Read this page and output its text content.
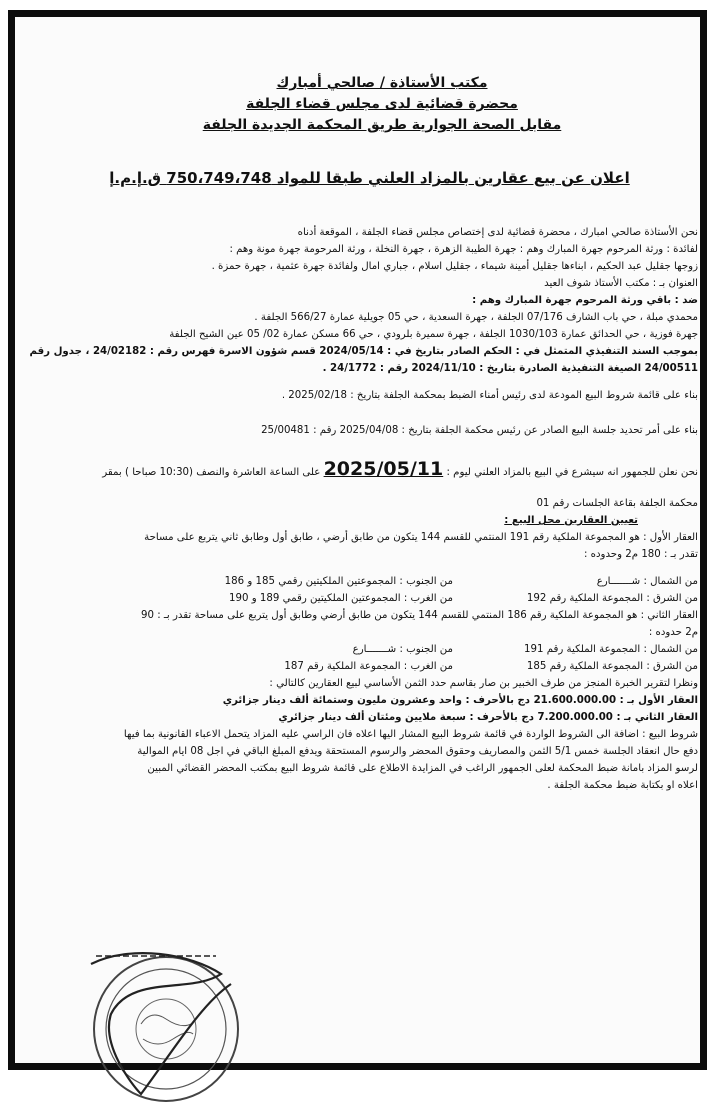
مكتب الأستاذة / صالحي أمبارك
محضرة قضائية لدى مجلس قضاء الجلفة
مقابل الصحة الجوارية طريق المحكمة الجديدة الجلفة
اعلان عن بيع عقارين بالمزاد العلني طبقا للمواد 750،749،748 ق.إ.م.إ

نحن الأستاذة صالحي امبارك ، محضرة قضائية لدى إختصاص مجلس قضاء الجلفة ، الموقعة أدناه

لفائدة : ورثة المرحوم جهرة المبارك وهم : جهرة الطيبة الزهرة ، جهرة النخلة ، ورثة المرحومة جهرة مونة وهم :

زوجها جقليل عبد الحكيم ، ابناءها جقليل أمينة شيماء ، جقليل اسلام ، جباري امال ولفائدة جهرة عثمية ، جهرة حمزة .

العنوان بـ : مكتب الأستاذ شوف العيد

ضد : باقي ورثة المرحوم جهرة المبارك وهم :

محمدي مبلة ، حي باب الشارف 07/176 الجلفة ، جهرة السعدية ، حي 05 جويلية عمارة 566/27 الجلفة .

جهرة فوزية ، حي الحدائق عمارة 1030/103 الجلفة ، جهرة سميرة بلرودي ، حي 66 مسكن عمارة 02/ 05 عين الشيح الجلفة

بموجب السند التنفيذي المتمثل في : الحكم الصادر بتاريخ في : 2024/05/14 قسم شؤون الاسرة فهرس رقم : 24/02182 ، جدول رقم

24/00511 الصيغة التنفيذية الصادرة بتاريخ : 2024/11/10 رقم : 24/1772 .

بناء على قائمة شروط البيع المودعة لدى رئيس أمناء الضبط بمحكمة الجلفة بتاريخ : 2025/02/18 .

بناء على أمر تحديد جلسة البيع الصادر عن رئيس محكمة الجلفة بتاريخ : 2025/04/08 رقم : 25/00481

نحن نعلن للجمهور انه سيشرع في البيع بالمزاد العلني ليوم : 2025/05/11 على الساعة العاشرة والنصف (10:30 صباحا ) بمقر

محكمة الجلفة بقاعة الجلسات رقم 01

تعيين العقارين محل البيع :

العقار الأول : هو المجموعة الملكية رقم 191 المنتمي للقسم 144 يتكون من طابق أرضي ، طابق أول وطابق ثاني يتربع على مساحة

تقدر بـ : 180 م2 وحدوده :

من الشمال : شـــــــارع
من الجنوب : المجموعتين الملكيتين رقمي 185 و 186

من الشرق : المجموعة الملكية رقم 192
من الغرب : المجموعتين الملكيتين رقمي 189 و 190

العقار الثاني : هو المجموعة الملكية رقم 186 المنتمي للقسم 144 يتكون من طابق أرضي وطابق أول يتربع على مساحة تقدر بـ : 90

م2 حدوده :

من الشمال : المجموعة الملكية رقم 191
من الجنوب : شـــــــارع

من الشرق : المجموعة الملكية رقم 185
من الغرب : المجموعة الملكية رقم 187

ونظرا لتقرير الخبرة المنجز من طرف الخبير بن صار بقاسم حدد الثمن الأساسي لبيع العقارين كالتالي :

العقار الأول بـ : 21.600.000.00 دج بالأحرف : واحد وعشرون مليون وستمائة ألف دينار جزائري

العقار الثاني بـ : 7.200.000.00 دج بالأحرف : سبعة ملايين ومئتان ألف دينار جزائري

شروط البيع : اضافة الى الشروط الواردة في قائمة شروط البيع المشار اليها اعلاه فان الراسي عليه المزاد يتحمل الاعباء القانونية بما فيها

دفع حال انعقاد الجلسة خمس 5/1 الثمن والمصاريف وحقوق المحضر والرسوم المستحقة ويدفع المبلغ الباقي في اجل 08 ايام الموالية

لرسو المزاد بامانة ضبط المحكمة لعلى الجمهور الراغب في المزايدة الاطلاع على قائمة شروط البيع بمكتب المحضر القضائي المبين

اعلاه او بكتابة ضبط محكمة الجلفة .
